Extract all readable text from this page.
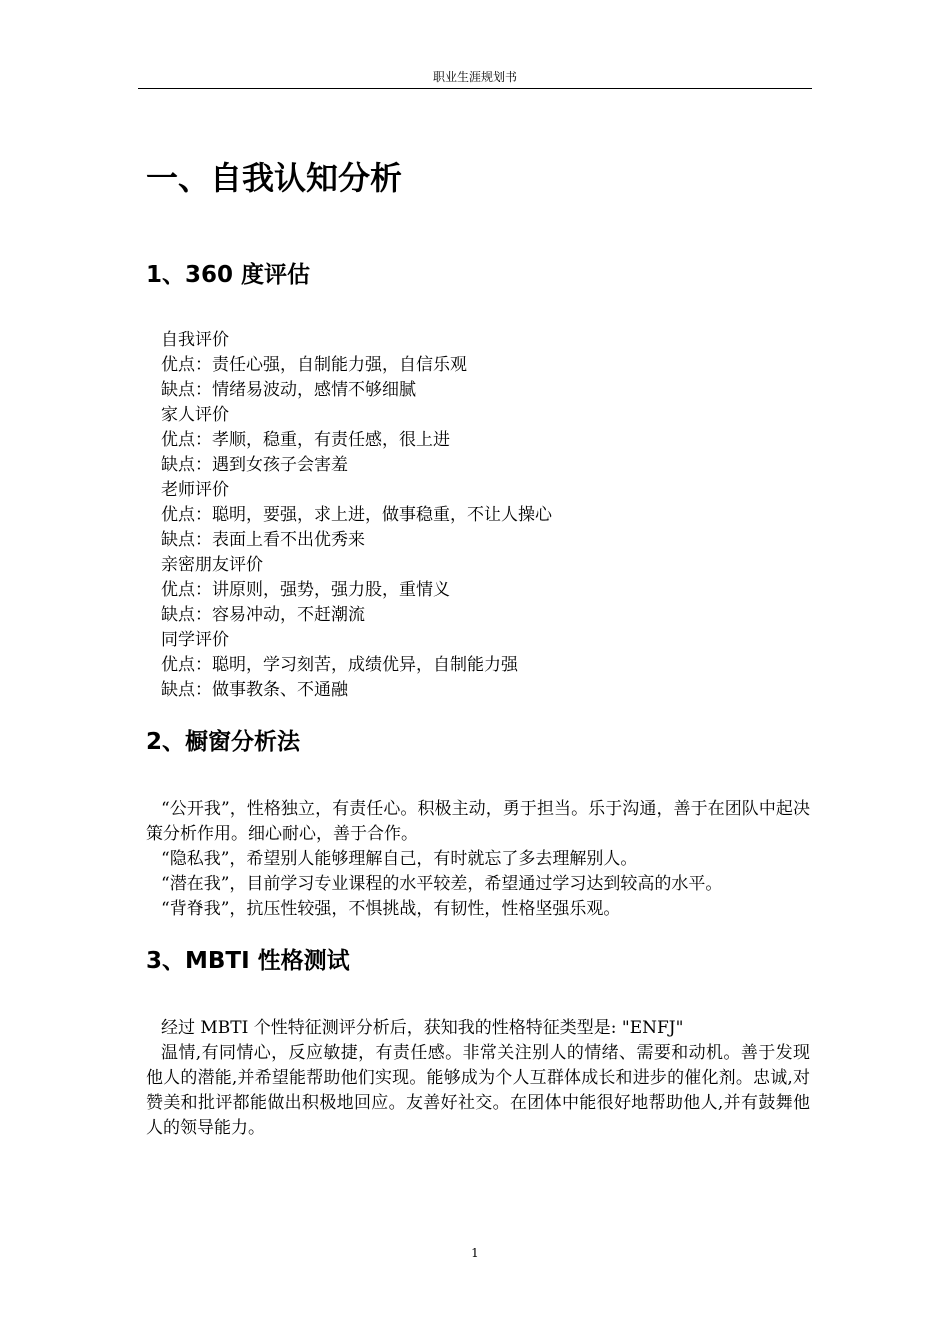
职业生涯规划书
一、自我认知分析
1、360 度评估

自我评价

优点：责任心强，自制能力强，自信乐观

缺点：情绪易波动，感情不够细腻

家人评价

优点：孝顺，稳重，有责任感，很上进

缺点：遇到女孩子会害羞

老师评价

优点：聪明，要强，求上进，做事稳重，不让人操心

缺点：表面上看不出优秀来

亲密朋友评价

优点：讲原则，强势，强力股，重情义

缺点：容易冲动，不赶潮流

同学评价

优点：聪明，学习刻苦，成绩优异，自制能力强

缺点：做事教条、不通融

2、橱窗分析法

“公开我”，性格独立，有责任心。积极主动，勇于担当。乐于沟通，善于在团队中起决策分析作用。细心耐心，善于合作。

“隐私我”，希望别人能够理解自己，有时就忘了多去理解别人。

“潜在我”，目前学习专业课程的水平较差，希望通过学习达到较高的水平。

“背脊我”，抗压性较强，不惧挑战，有韧性，性格坚强乐观。

3、MBTI 性格测试

经过 MBTI 个性特征测评分析后，获知我的性格特征类型是: "ENFJ"

温情,有同情心，反应敏捷，有责任感。非常关注别人的情绪、需要和动机。善于发现他人的潜能,并希望能帮助他们实现。能够成为个人互群体成长和进步的催化剂。忠诚,对赞美和批评都能做出积极地回应。友善好社交。在团体中能很好地帮助他人,并有鼓舞他人的领导能力。

1
